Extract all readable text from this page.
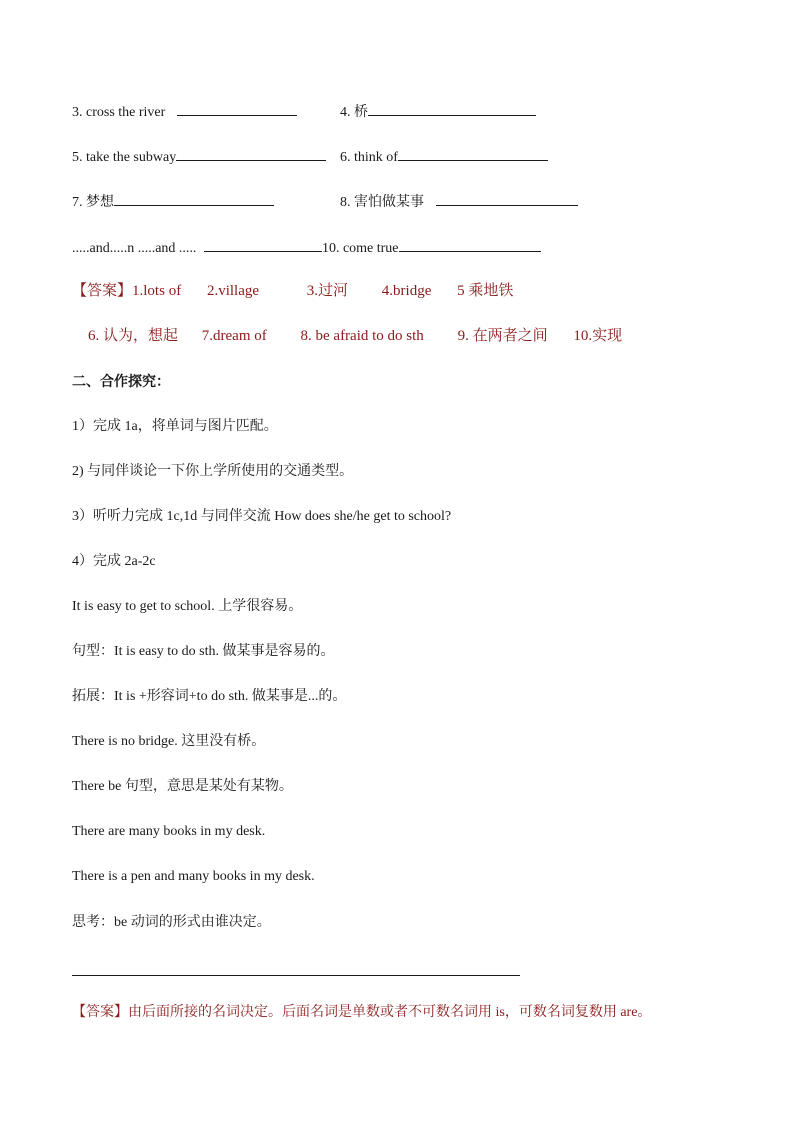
3. cross the river	4. 桥
5. take the subway	6. think of
7. 梦想	8. 害怕做某事
.....and.....n .....and .....	10. come true
【答案】1.lots of 2.village	3.过河 4.bridge 5 乘地铁
6. 认为，想起 7.dream of 8. be afraid to do sth 9. 在两者之间 10.实现
二、合作探究：
1）完成 1a，将单词与图片匹配。
2) 与同伴谈论一下你上学所使用的交通类型。
3）听听力完成 1c,1d 与同伴交流 How does she/he get to school?
4）完成 2a-2c
It is easy to get to school. 上学很容易。
句型：It is easy to do sth. 做某事是容易的。
拓展：It is +形容词+to do sth. 做某事是...的。
There is no bridge. 这里没有桥。
There be 句型，意思是某处有某物。
There are many books in my desk.
There is a pen and many books in my desk.
思考：be 动词的形式由谁决定。
【答案】由后面所接的名词决定。后面名词是单数或者不可数名词用 is，可数名词复数用 are。
